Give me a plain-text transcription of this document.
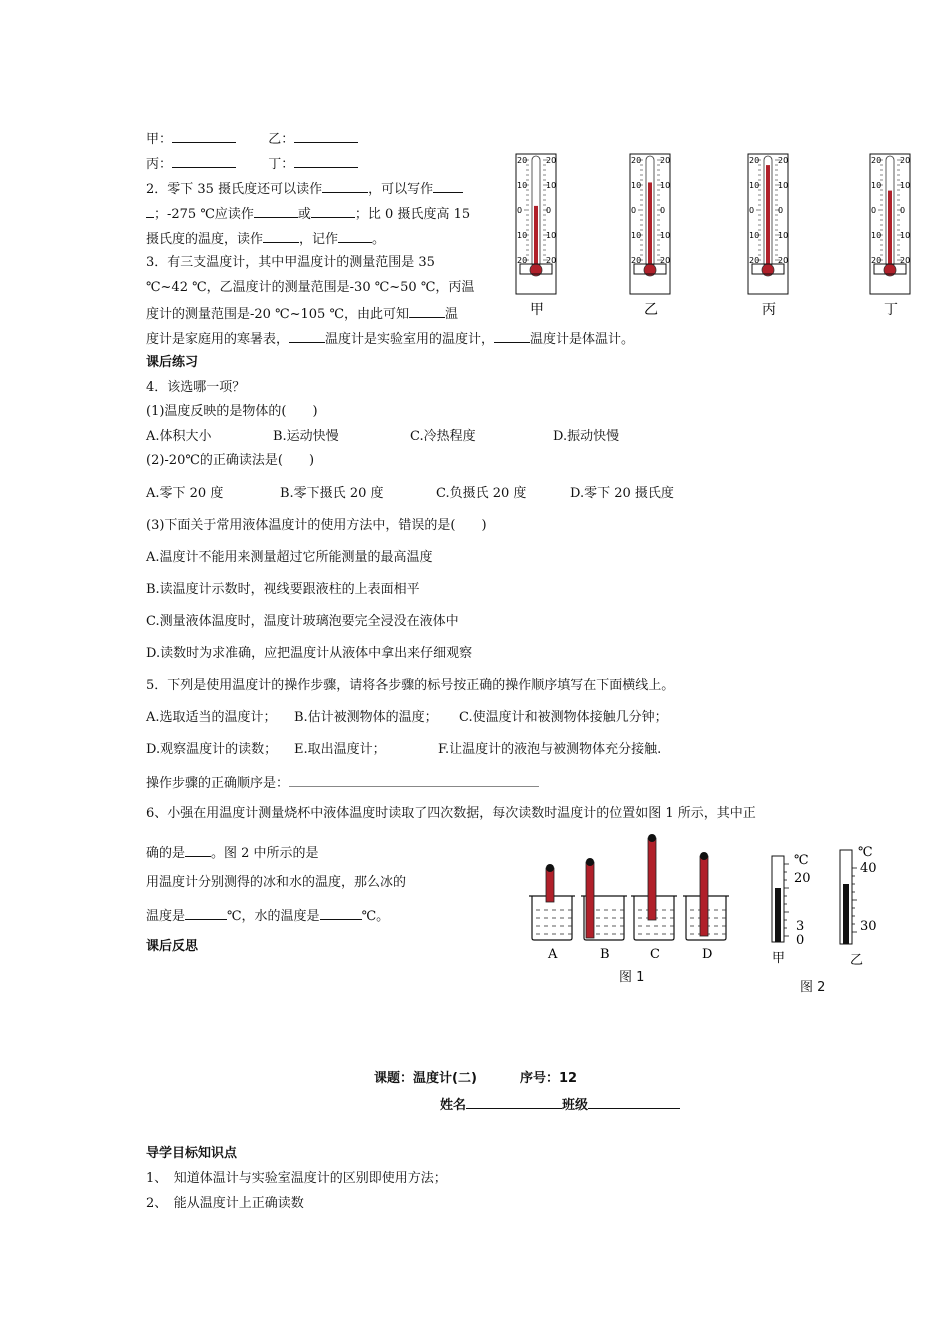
甲：	乙：
丙：	丁：
2．零下 35 摄氏度还可以读作	，可以写作
；-275 ℃应读作	或	；比 0 摄氏度高 15
摄氏度的温度，读作	，记作	。
3．有三支温度计，其中甲温度计的测量范围是 35
℃~42 ℃，乙温度计的测量范围是-30 ℃~50 ℃，丙温
度计的测量范围是-20 ℃~105 ℃，由此可知	温
度计是家庭用的寒暑表，	温度计是实验室用的温度计，	温度计是体温计。
20 20
10 10
0	0
10 10
20 20
甲
20 20
10 10
0	0
10 10
20 20
乙
20 20
10 10
0	0
10 10
20 20
丙
20 20
10 10
0	0
10 10
20 20
丁
课后练习
4．该选哪一项？
(1)温度反映的是物体的(　　)
A.体积大小	B.运动快慢	C.冷热程度	D.振动快慢
(2)-20℃的正确读法是(　　)
A.零下 20 度	B.零下摄氏 20 度	C.负摄氏 20 度	D.零下 20 摄氏度
(3)下面关于常用液体温度计的使用方法中，错误的是(　　)
A.温度计不能用来测量超过它所能测量的最高温度
B.读温度计示数时，视线要跟液柱的上表面相平
C.测量液体温度时，温度计玻璃泡要完全浸没在液体中
D.读数时为求准确，应把温度计从液体中拿出来仔细观察
5．下列是使用温度计的操作步骤，请将各步骤的标号按正确的操作顺序填写在下面横线上。
A.选取适当的温度计； B.估计被测物体的温度； C.使温度计和被测物体接触几分钟；
D.观察温度计的读数； E.取出温度计；	F.让温度计的液泡与被测物体充分接触.
操作步骤的正确顺序是：
6、小强在用温度计测量烧杯中液体温度时读取了四次数据，每次读数时温度计的位置如图 1 所示，其中正
确的是 。图 2 中所示的是
用温度计分别测得的冰和水的温度，那么冰的
温度是	℃，水的温度是	℃。
课后反思
A	B	C	D
图 1
℃
20
3
0
甲
℃
40
30
乙
图 2
课题：温度计(二)	序号：12
姓名	班级
导学目标知识点
1、　知道体温计与实验室温度计的区别即使用方法；
2、　能从温度计上正确读数
